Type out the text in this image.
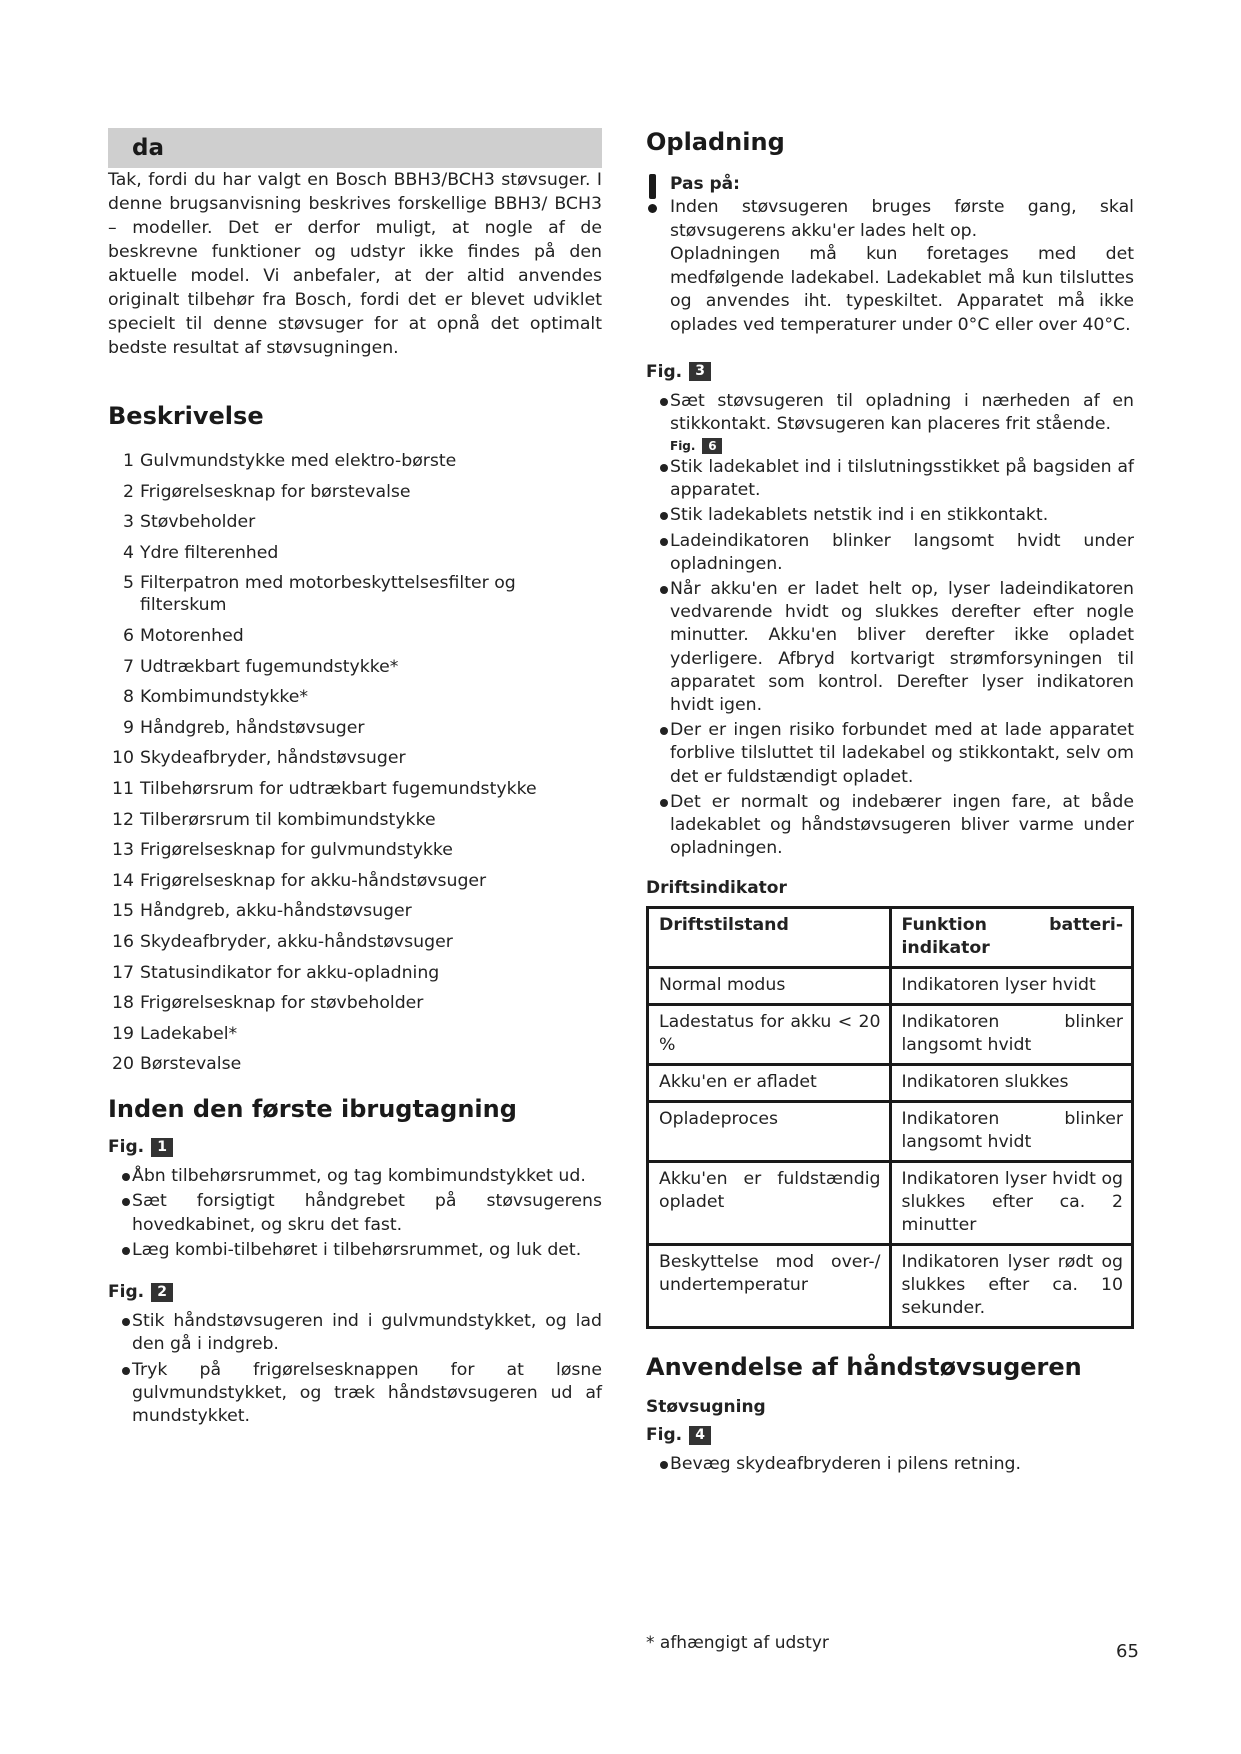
da

Tak, fordi du har valgt en Bosch BBH3/BCH3 støvsuger. I denne brugsanvisning beskrives forskellige BBH3/ BCH3 – modeller. Det er derfor muligt, at nogle af de beskrevne funktioner og udstyr ikke findes på den aktuelle model. Vi anbefaler, at der altid anvendes originalt tilbehør fra Bosch, fordi det er blevet udviklet specielt til denne støvsuger for at opnå det optimalt bedste resultat af støvsugningen.

Beskrivelse
1 Gulvmundstykke med elektro-børste
2 Frigørelsesknap for børstevalse
3 Støvbeholder
4 Ydre filterenhed
5 Filterpatron med motorbeskyttelsesfilter og filterskum
6 Motorenhed
7 Udtrækbart fugemundstykke*
8 Kombimundstykke*
9 Håndgreb, håndstøvsuger
10 Skydeafbryder, håndstøvsuger
11 Tilbehørsrum for udtrækbart fugemundstykke
12 Tilberørsrum til kombimundstykke
13 Frigørelsesknap for gulvmundstykke
14 Frigørelsesknap for akku-håndstøvsuger
15 Håndgreb, akku-håndstøvsuger
16 Skydeafbryder, akku-håndstøvsuger
17 Statusindikator for akku-opladning
18 Frigørelsesknap for støvbeholder
19 Ladekabel*
20 Børstevalse
Inden den første ibrugtagning
Fig. 1
Åbn tilbehørsrummet, og tag kombimundstykket ud.
Sæt forsigtigt håndgrebet på støvsugerens hovedkabinet, og skru det fast.
Læg kombi-tilbehøret i tilbehørsrummet, og luk det.
Fig. 2
Stik håndstøvsugeren ind i gulvmundstykket, og lad den gå i indgreb.
Tryk på frigørelsesknappen for at løsne gulvmundstykket, og træk håndstøvsugeren ud af mundstykket.
Opladning
Pas på:

Inden støvsugeren bruges første gang, skal støvsugerens akku'er lades helt op.

Opladningen må kun foretages med det medfølgende ladekabel. Ladekablet må kun tilsluttes og anvendes iht. typeskiltet. Apparatet må ikke oplades ved temperaturer under 0°C eller over 40°C.

Fig. 3
Sæt støvsugeren til opladning i nærheden af en stikkontakt. Støvsugeren kan placeres frit stående.
Fig.	6
Stik ladekablet ind i tilslutningsstikket på bagsiden af apparatet.
Stik ladekablets netstik ind i en stikkontakt.
Ladeindikatoren blinker langsomt hvidt under opladningen.
Når akku'en er ladet helt op, lyser ladeindikatoren vedvarende hvidt og slukkes derefter efter nogle minutter. Akku'en bliver derefter ikke opladet yderligere. Afbryd kortvarigt strømforsyningen til apparatet som kontrol. Derefter lyser indikatoren hvidt igen.
Der er ingen risiko forbundet med at lade apparatet forblive tilsluttet til ladekabel og stikkontakt, selv om det er fuldstændigt opladet.
Det er normalt og indebærer ingen fare, at både ladekablet og håndstøvsugeren bliver varme under opladningen.
Driftsindikator
Driftstilstand	Funktion batteri-indikator
Normal modus	Indikatoren lyser hvidt
Ladestatus for akku < 20 %	Indikatoren blinker langsomt hvidt
Akku'en er afladet	Indikatoren slukkes
Opladeproces	Indikatoren blinker langsomt hvidt
Akku'en er fuldstændig opladet	Indikatoren lyser hvidt og slukkes efter ca. 2 minutter
Beskyttelse mod over-/ undertemperatur	Indikatoren lyser rødt og slukkes efter ca. 10 sekunder.
Anvendelse af håndstøvsugeren
Støvsugning
Fig. 4
Bevæg skydeafbryderen i pilens retning.
* afhængigt af udstyr	65
